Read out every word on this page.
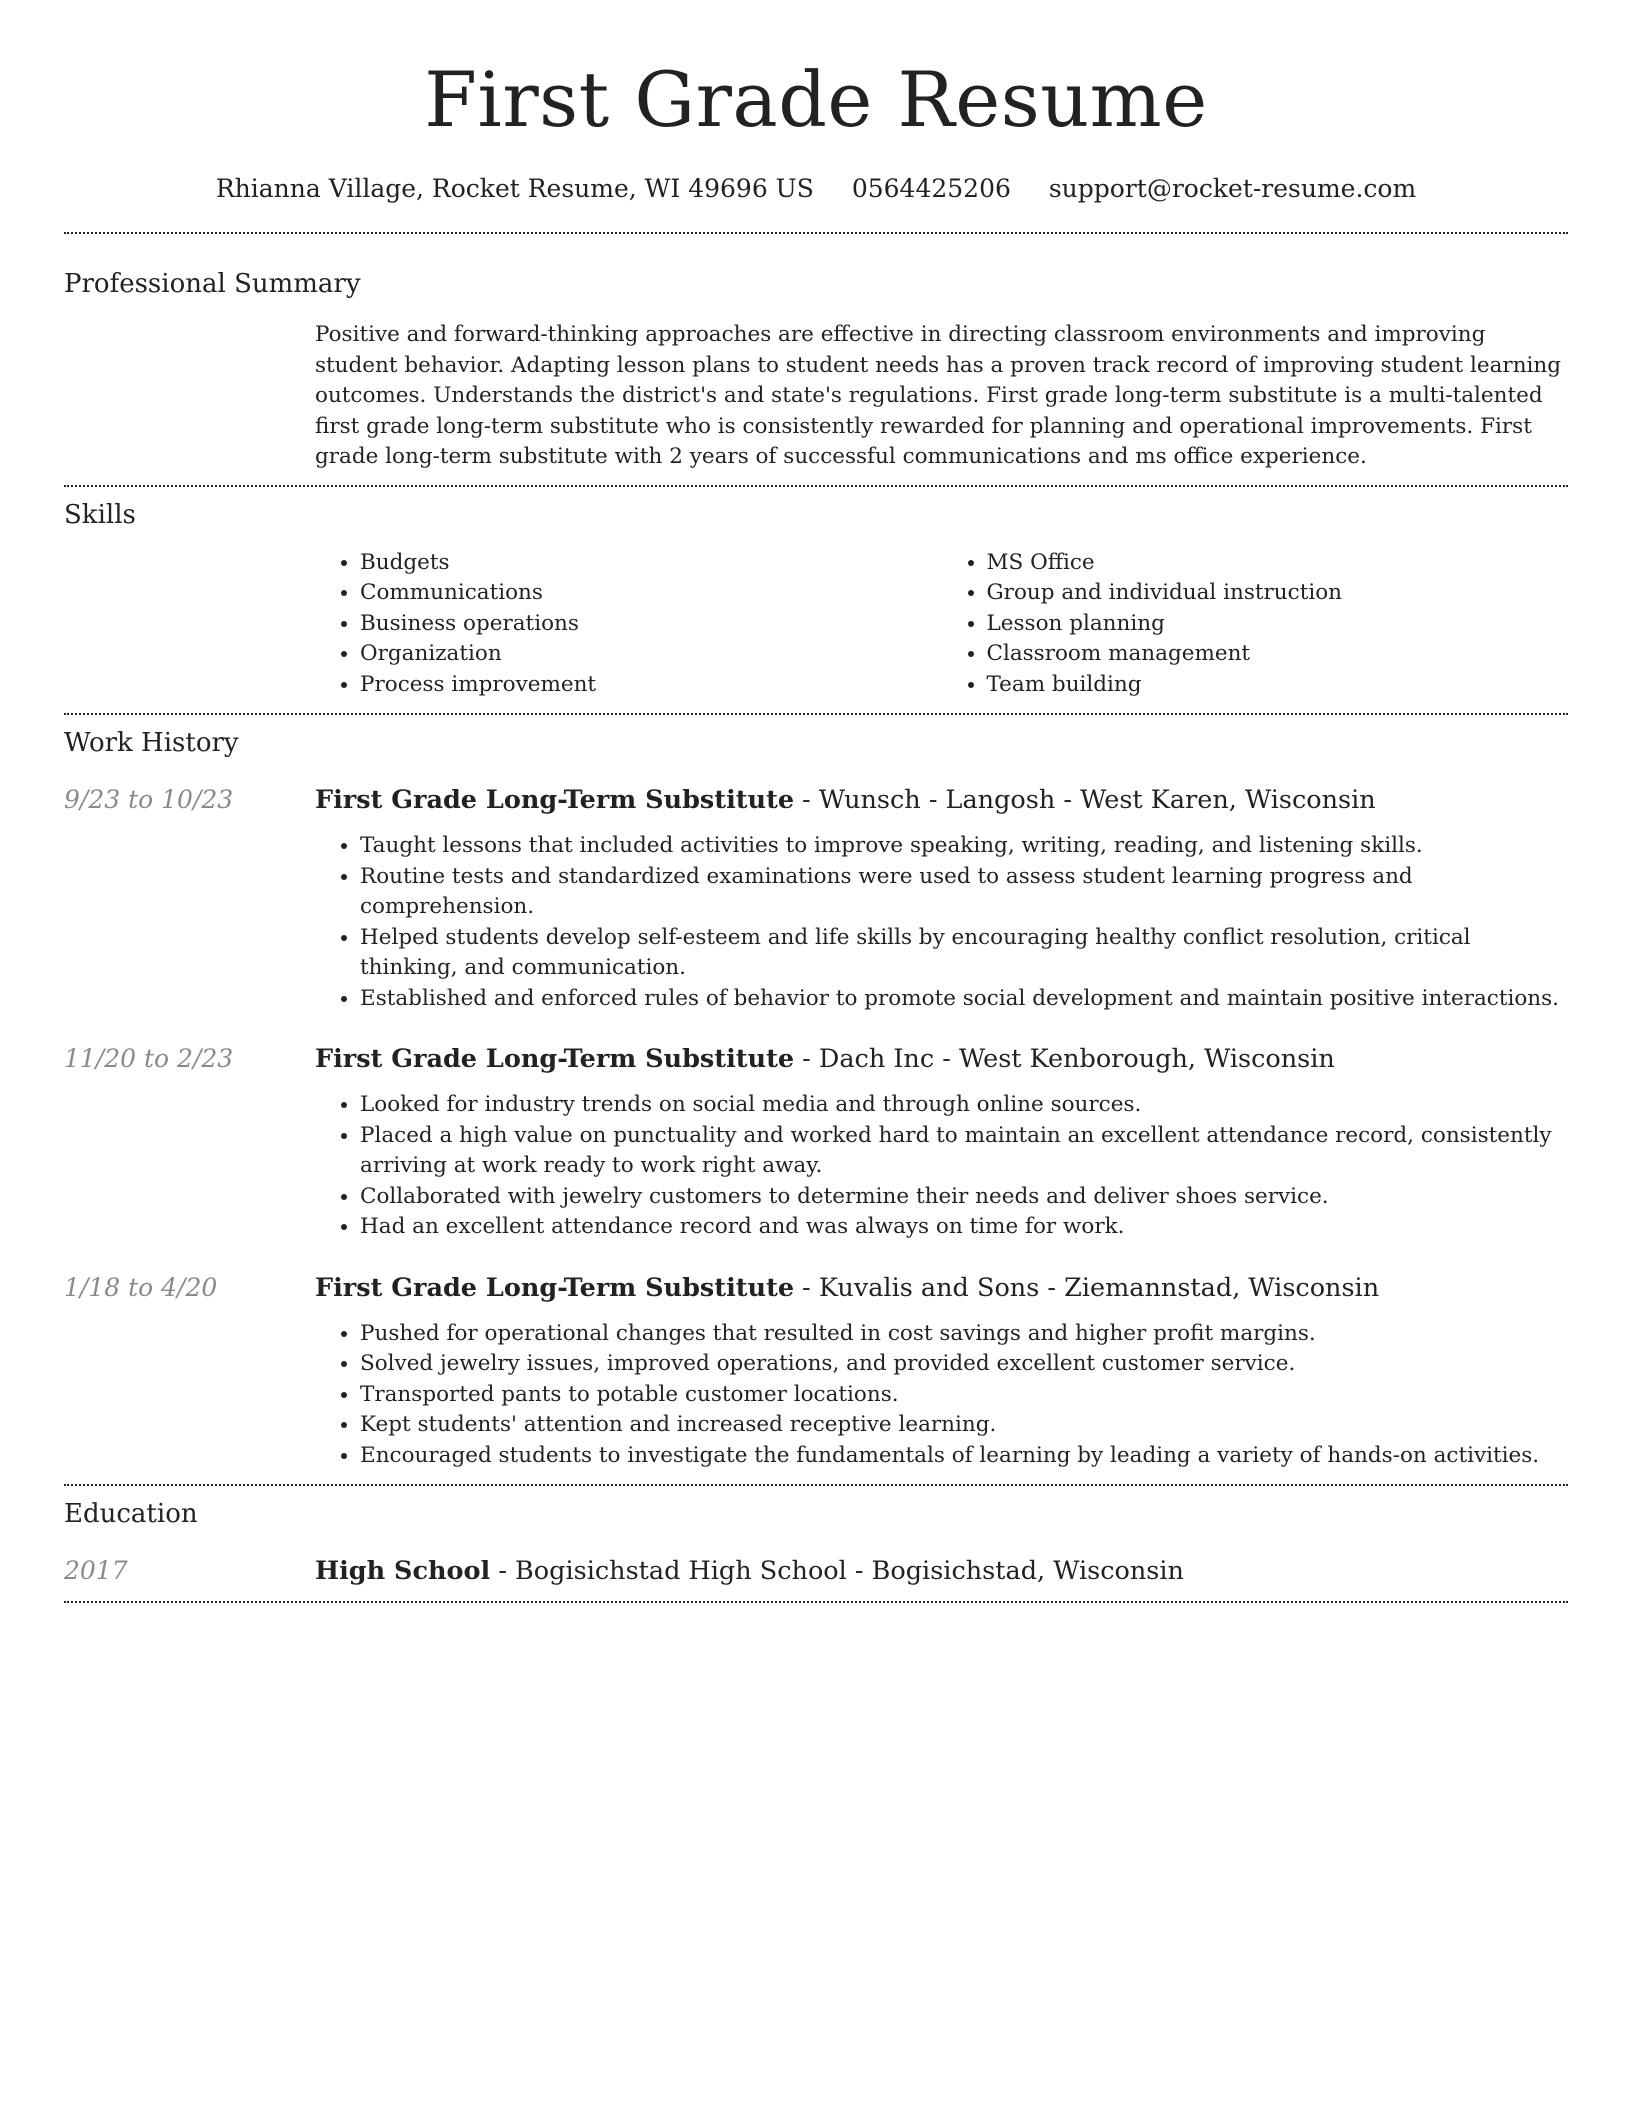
First Grade Resume
Rhianna Village, Rocket Resume, WI 49696 US 0564425206 support@rocket-resume.com
Professional Summary

Positive and forward-thinking approaches are effective in directing classroom environments and improving student behavior. Adapting lesson plans to student needs has a proven track record of improving student learning outcomes. Understands the district's and state's regulations. First grade long-term substitute is a multi-talented first grade long-term substitute who is consistently rewarded for planning and operational improvements. First grade long-term substitute with 2 years of successful communications and ms office experience.

Skills
• Budgets
• Communications
• Business operations
• Organization
• Process improvement
• MS Office
• Group and individual instruction
• Lesson planning
• Classroom management
• Team building
Work History
9/23 to 10/23	First Grade Long-Term Substitute - Wunsch - Langosh - West Karen, Wisconsin
• Taught lessons that included activities to improve speaking, writing, reading, and listening skills.
• Routine tests and standardized examinations were used to assess student learning progress and comprehension.
• Helped students develop self-esteem and life skills by encouraging healthy conflict resolution, critical thinking, and communication.
• Established and enforced rules of behavior to promote social development and maintain positive interactions.
11/20 to 2/23	First Grade Long-Term Substitute - Dach Inc - West Kenborough, Wisconsin
• Looked for industry trends on social media and through online sources.
• Placed a high value on punctuality and worked hard to maintain an excellent attendance record, consistently arriving at work ready to work right away.
• Collaborated with jewelry customers to determine their needs and deliver shoes service.
• Had an excellent attendance record and was always on time for work.
1/18 to 4/20	First Grade Long-Term Substitute - Kuvalis and Sons - Ziemannstad, Wisconsin
• Pushed for operational changes that resulted in cost savings and higher profit margins.
• Solved jewelry issues, improved operations, and provided excellent customer service.
• Transported pants to potable customer locations.
• Kept students' attention and increased receptive learning.
• Encouraged students to investigate the fundamentals of learning by leading a variety of hands-on activities.
Education
2017	High School - Bogisichstad High School - Bogisichstad, Wisconsin
